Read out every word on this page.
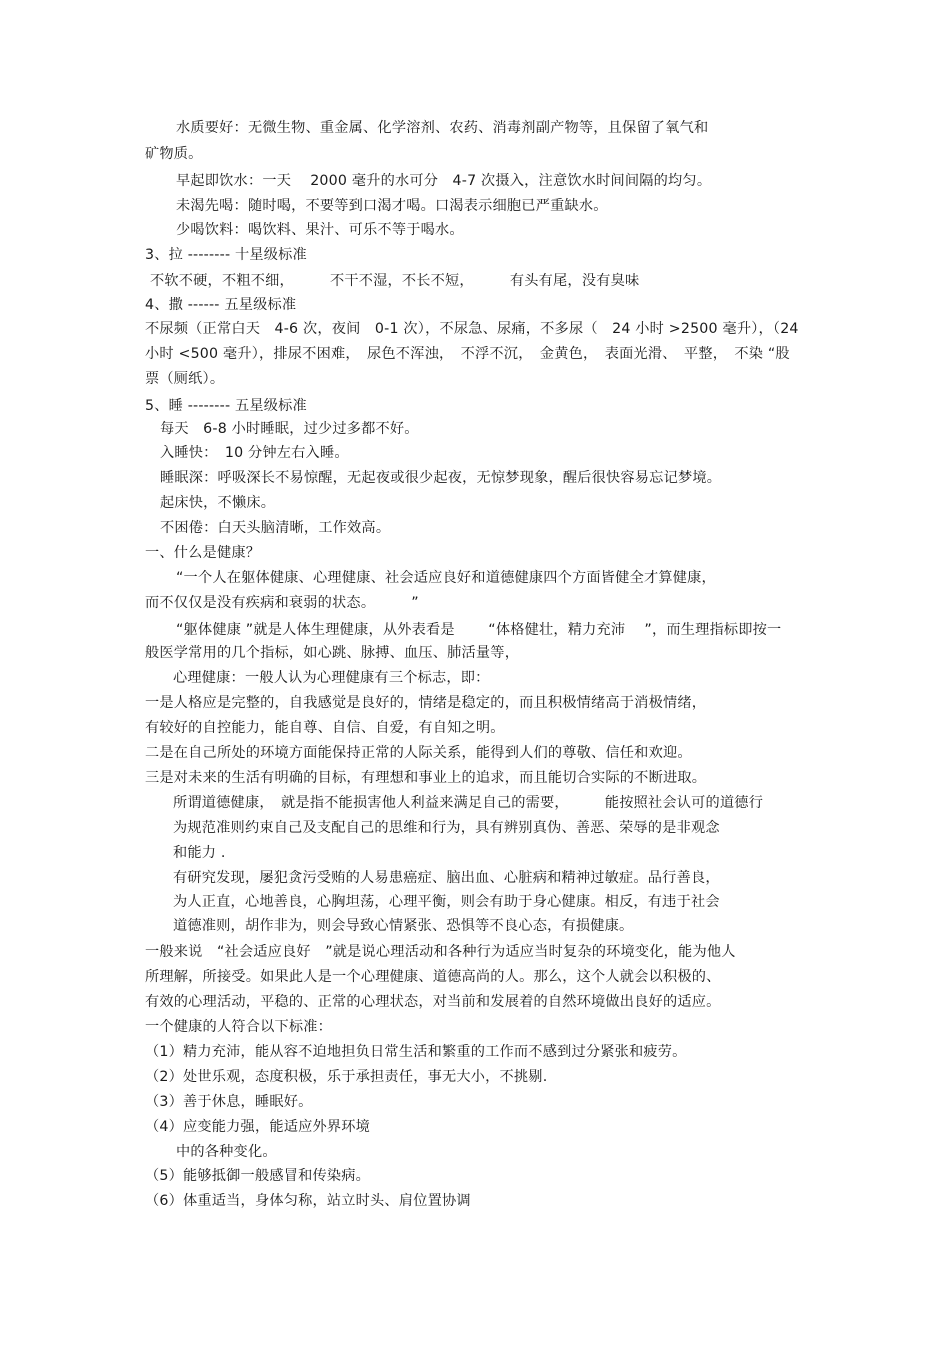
水质要好：无微生物、重金属、化学溶剂、农药、消毒剂副产物等，且保留了氧气和
矿物质。
早起即饮水：一天　 2000 毫升的水可分　4-7 次摄入，注意饮水时间间隔的均匀。
未渴先喝：随时喝，不要等到口渴才喝。口渴表示细胞已严重缺水。
少喝饮料：喝饮料、果汁、可乐不等于喝水。
3、拉 -------- 十星级标准
不软不硬，不粗不细，　　　不干不湿，不长不短，　　　有头有尾，没有臭味
4、撒 ------ 五星级标准
不尿频（正常白天　4-6 次，夜间　0-1 次），不尿急、尿痛，不多尿（　24 小时 >2500 毫升），（24
小时 <500 毫升），排尿不困难，　尿色不浑浊，　不浮不沉，　金黄色，　表面光滑、　平整，　不染 “股
票（厕纸）。
5、睡 -------- 五星级标准
每天　6-8 小时睡眠，过少过多都不好。
入睡快：　10 分钟左右入睡。
睡眠深：呼吸深长不易惊醒，无起夜或很少起夜，无惊梦现象，醒后很快容易忘记梦境。
起床快，不懒床。
不困倦：白天头脑清晰，工作效高。
一、什么是健康？
“一个人在躯体健康、心理健康、社会适应良好和道德健康四个方面皆健全才算健康，
而不仅仅是没有疾病和衰弱的状态。　　　”
“躯体健康 ”就是人体生理健康，从外表看是　　 “体格健壮，精力充沛　 ”，而生理指标即按一
般医学常用的几个指标，如心跳、脉搏、血压、肺活量等，
心理健康：一般人认为心理健康有三个标志，即：
一是人格应是完整的，自我感觉是良好的，情绪是稳定的，而且积极情绪高于消极情绪，
有较好的自控能力，能自尊、自信、自爱，有自知之明。
二是在自己所处的环境方面能保持正常的人际关系，能得到人们的尊敬、信任和欢迎。
三是对未来的生活有明确的目标，有理想和事业上的追求，而且能切合实际的不断进取。
所谓道德健康，　就是指不能损害他人利益来满足自己的需要，　　　能按照社会认可的道德行
为规范准则约束自己及支配自己的思维和行为，具有辨别真伪、善恶、荣辱的是非观念
和能力 .
有研究发现，屡犯贪污受贿的人易患癌症、脑出血、心脏病和精神过敏症。品行善良，
为人正直，心地善良，心胸坦荡，心理平衡，则会有助于身心健康。相反，有违于社会
道德准则，胡作非为，则会导致心情紧张、恐惧等不良心态，有损健康。
一般来说　“社会适应良好　”就是说心理活动和各种行为适应当时复杂的环境变化，能为他人
所理解，所接受。如果此人是一个心理健康、道德高尚的人。那么，这个人就会以积极的、
有效的心理活动，平稳的、正常的心理状态，对当前和发展着的自然环境做出良好的适应。
一个健康的人符合以下标准：
（1）精力充沛，能从容不迫地担负日常生活和繁重的工作而不感到过分紧张和疲劳。
（2）处世乐观，态度积极，乐于承担责任，事无大小，不挑剔.
（3）善于休息，睡眠好。
（4）应变能力强，能适应外界环境
中的各种变化。
（5）能够抵御一般感冒和传染病。
（6）体重适当，身体匀称，站立时头、肩位置协调
